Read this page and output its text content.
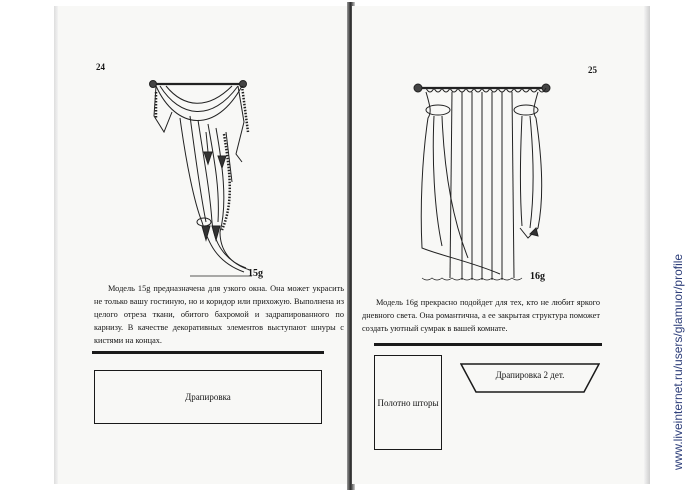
24
15g

Модель 15g предназначена для узкого окна. Она может украсить не только вашу гостиную, но и коридор или прихожую. Выполнена из целого отреза ткани, обитого бахромой и задрапированного по карнизу. В качестве декоративных элементов выступают шнуры с кистями на концах.

Драпировка
25
16g

Модель 16g прекрасно подойдет для тех, кто не любит яркого дневного света. Она романтична, а ее закрытая структура поможет создать уютный сумрак в вашей комнате.

Полотно шторы
Драпировка 2 дет.	www.liveinternet.ru/users/glamuor/profile
